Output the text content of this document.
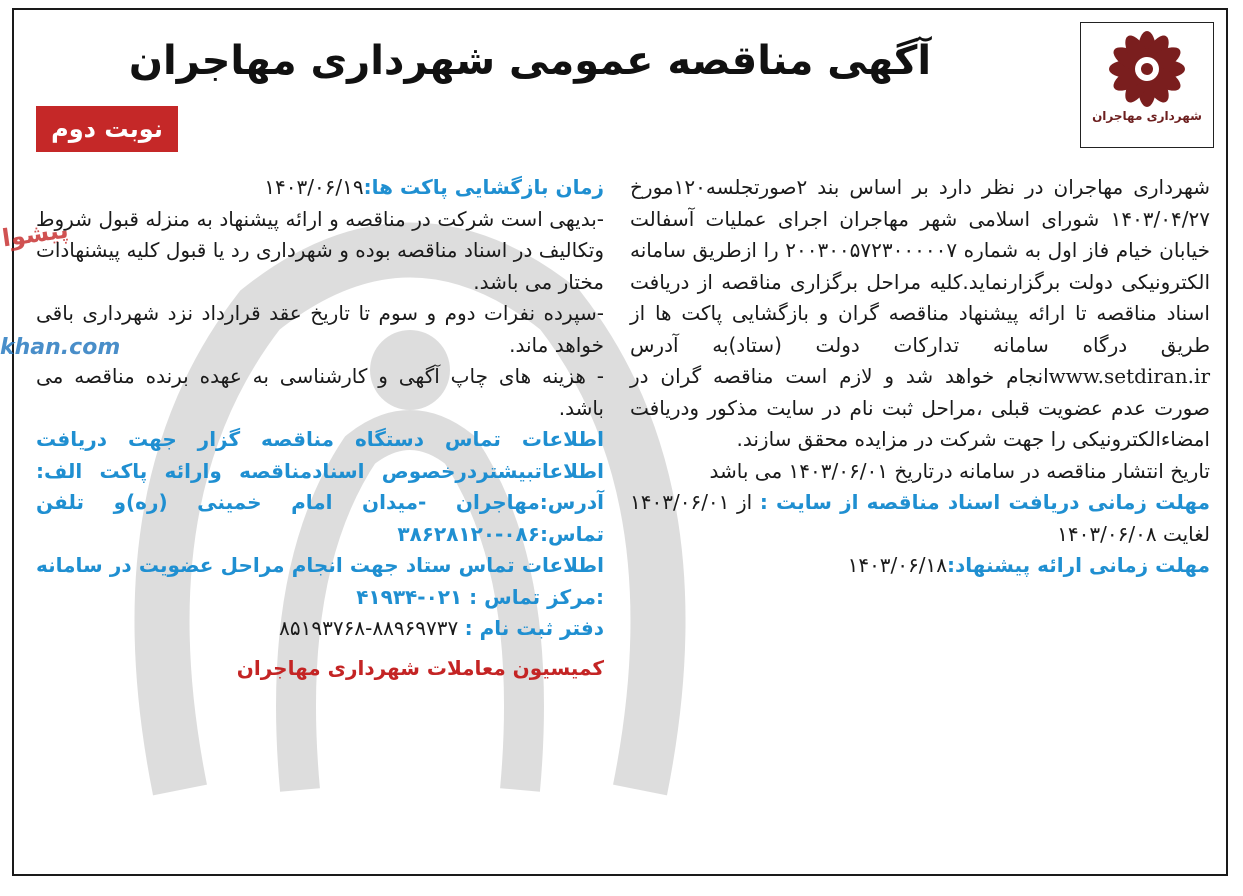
پیشوا
khan.com
شهرداری مهاجران
آگهی مناقصه عمومی شهرداری مهاجران
نوبت دوم

شهرداری مهاجران در نظر دارد بر اساس بند ۲صورتجلسه۱۲۰مورخ ۱۴۰۳/۰۴/۲۷ شورای اسلامی شهر مهاجران اجرای عملیات آسفالت خیابان خیام فاز اول به شماره ۲۰۰۳۰۰۵۷۲۳۰۰۰۰۰۷ را ازطریق سامانه الکترونیکی دولت برگزارنماید.کلیه مراحل برگزاری مناقصه از دریافت اسناد مناقصه تا ارائه پیشنهاد مناقصه گران و بازگشایی پاکت ها از طریق درگاه سامانه تدارکات دولت (ستاد)به آدرس www.setdiran.irانجام خواهد شد و لازم است مناقصه گران در صورت عدم عضویت قبلی ،مراحل ثبت نام در سایت مذکور ودریافت امضاءالکترونیکی را جهت شرکت در مزایده محقق سازند.

تاریخ انتشار مناقصه در سامانه درتاریخ ۱۴۰۳/۰۶/۰۱ می باشد

مهلت زمانی دریافت اسناد مناقصه از سایت : از ۱۴۰۳/۰۶/۰۱ لغایت ۱۴۰۳/۰۶/۰۸

مهلت زمانی ارائه پیشنهاد:۱۴۰۳/۰۶/۱۸

زمان بازگشایی پاکت ها:۱۴۰۳/۰۶/۱۹

-بدیهی است شرکت در مناقصه و ارائه پیشنهاد به منزله قبول شروط وتکالیف در اسناد مناقصه بوده و شهرداری رد یا قبول کلیه پیشنهادات مختار می باشد.

-سپرده نفرات دوم و سوم تا تاریخ عقد قرارداد نزد شهرداری باقی خواهد ماند.

- هزینه های چاپ آگهی و کارشناسی به عهده برنده مناقصه می باشد.

اطلاعات تماس دستگاه مناقصه گزار جهت دریافت اطلاعاتبیشتردرخصوص اسنادمناقصه وارائه پاکت الف: آدرس:مهاجران -میدان امام خمینی (ره)و تلفن تماس:۰۸۶-۳۸۶۲۸۱۲۰

اطلاعات تماس ستاد جهت انجام مراحل عضویت در سامانه :مرکز تماس : ۰۲۱-۴۱۹۳۴

دفتر ثبت نام : ۸۸۹۶۹۷۳۷-۸۵۱۹۳۷۶۸

کمیسیون معاملات شهرداری مهاجران
